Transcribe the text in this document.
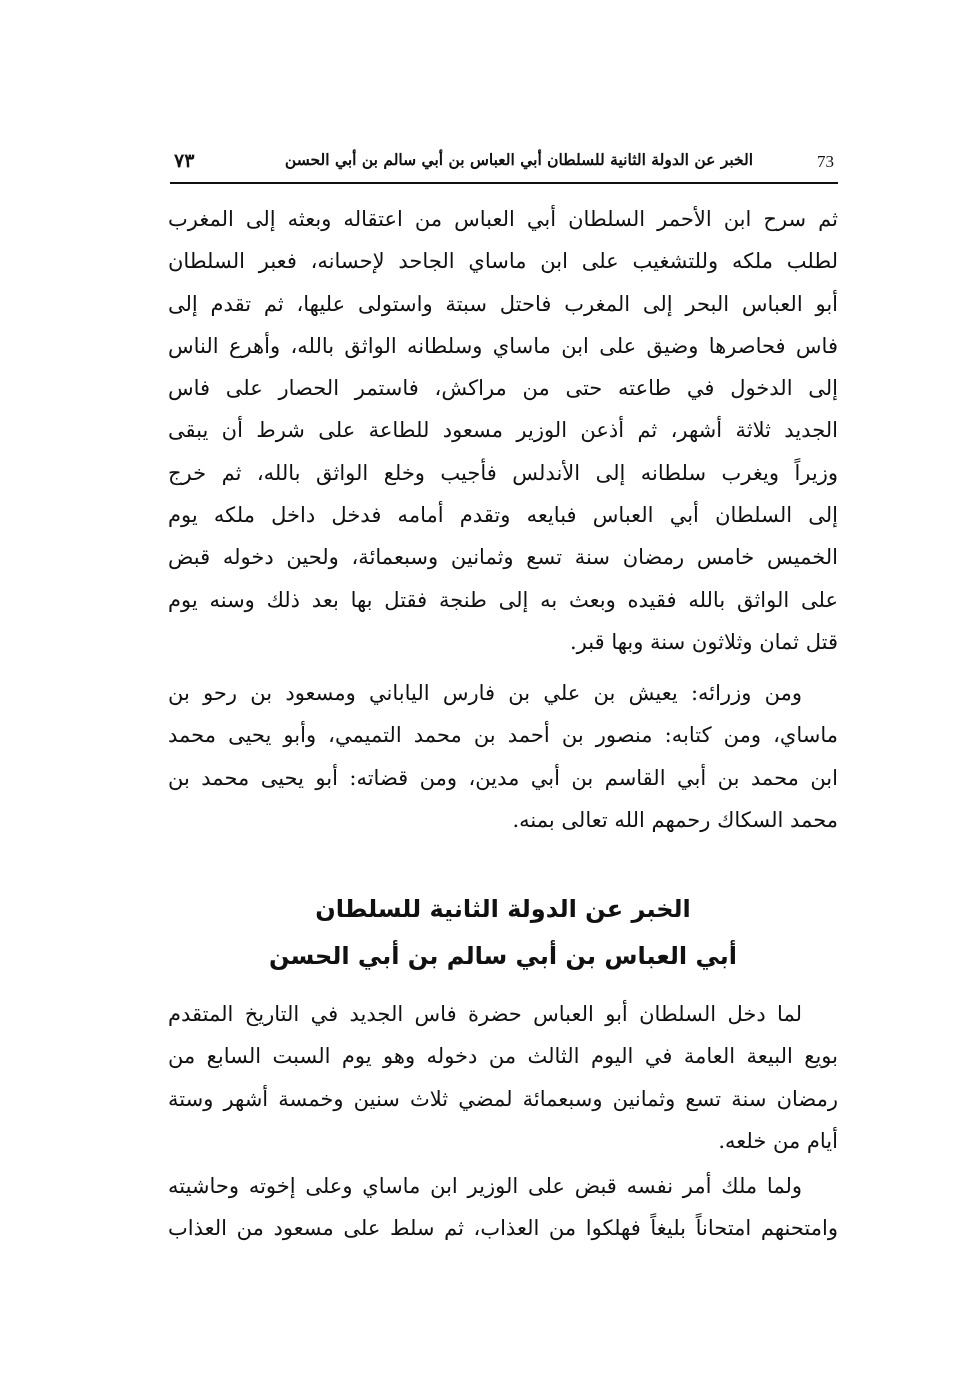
73
الخبر عن الدولة الثانية للسلطان أبي العباس بن أبي سالم بن أبي الحسن
٧٣
ثم سرح ابن الأحمر السلطان أبي العباس من اعتقاله وبعثه إلى المغرب
لطلب ملكه وللتشغيب على ابن ماساي الجاحد لإحسانه، فعبر السلطان
أبو العباس البحر إلى المغرب فاحتل سبتة واستولى عليها، ثم تقدم إلى
فاس فحاصرها وضيق على ابن ماساي وسلطانه الواثق بالله، وأهرع الناس
إلى الدخول في طاعته حتى من مراكش، فاستمر الحصار على فاس
الجديد ثلاثة أشهر، ثم أذعن الوزير مسعود للطاعة على شرط أن يبقى
وزيراً ويغرب سلطانه إلى الأندلس فأجيب وخلع الواثق بالله، ثم خرج
إلى السلطان أبي العباس فبايعه وتقدم أمامه فدخل داخل ملكه يوم
الخميس خامس رمضان سنة تسع وثمانين وسبعمائة، ولحين دخوله قبض
على الواثق بالله فقيده وبعث به إلى طنجة فقتل بها بعد ذلك وسنه يوم
قتل ثمان وثلاثون سنة وبها قبر.
ومن وزرائه: يعيش بن علي بن فارس الياباني ومسعود بن رحو بن
ماساي، ومن كتابه: منصور بن أحمد بن محمد التميمي، وأبو يحيى محمد
ابن محمد بن أبي القاسم بن أبي مدين، ومن قضاته: أبو يحيى محمد بن
محمد السكاك رحمهم الله تعالى بمنه.
الخبر عن الدولة الثانية للسلطان
أبي العباس بن أبي سالم بن أبي الحسن
لما دخل السلطان أبو العباس حضرة فاس الجديد في التاريخ المتقدم
بويع البيعة العامة في اليوم الثالث من دخوله وهو يوم السبت السابع من
رمضان سنة تسع وثمانين وسبعمائة لمضي ثلاث سنين وخمسة أشهر وستة
أيام من خلعه.
ولما ملك أمر نفسه قبض على الوزير ابن ماساي وعلى إخوته وحاشيته
وامتحنهم امتحاناً بليغاً فهلكوا من العذاب، ثم سلط على مسعود من العذاب
